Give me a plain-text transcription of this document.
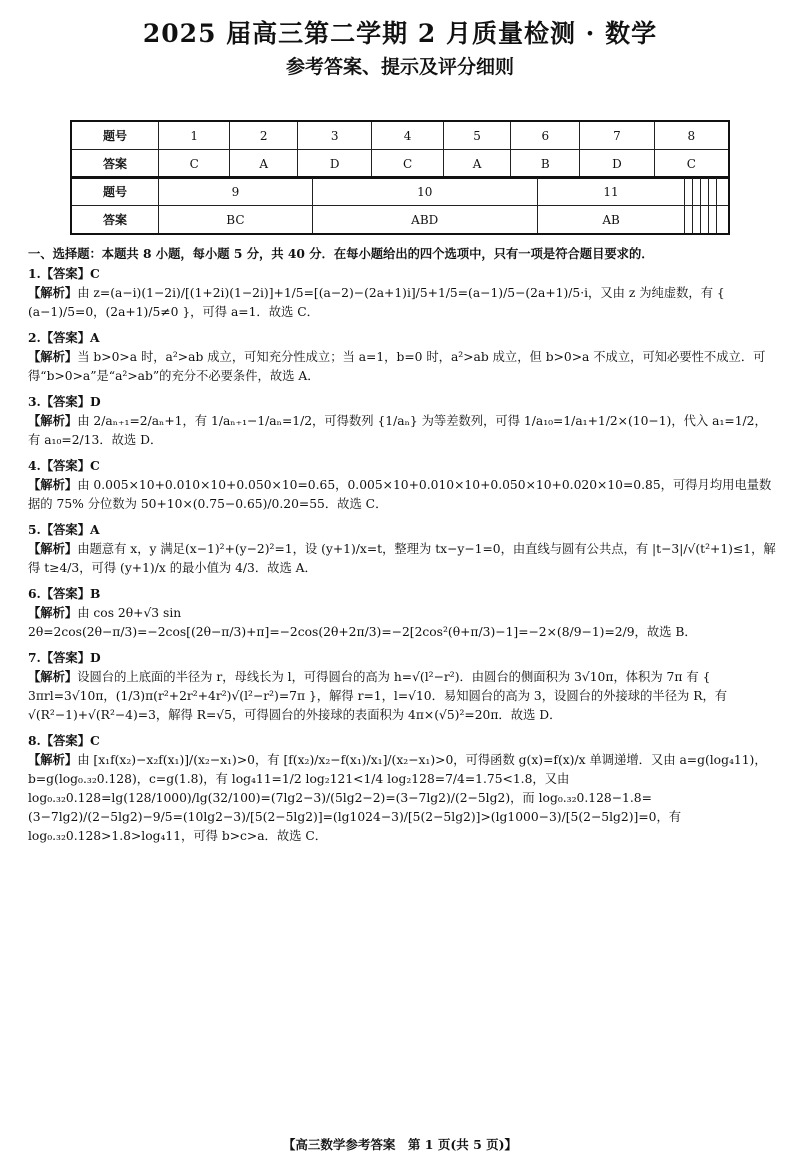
2025 届高三第二学期 2 月质量检测 · 数学
参考答案、提示及评分细则
题号	1	2	3	4	5	6	7	8
答案	C	A	D	C	A	B	D	C
题号	9	10	11					
答案	BC	ABD	AB					
一、选择题：本题共 8 小题，每小题 5 分，共 40 分．在每小题给出的四个选项中，只有一项是符合题目要求的．

1.【答案】C

【解析】由 z=(a−i)(1−2i)/[(1+2i)(1−2i)]+1/5=[(a−2)−(2a+1)i]/5+1/5=(a−1)/5−(2a+1)/5·i，又由 z 为纯虚数，有 { (a−1)/5=0，(2a+1)/5≠0 }，可得 a=1．故选 C．

2.【答案】A

【解析】当 b>0>a 时，a²>ab 成立，可知充分性成立；当 a=1，b=0 时，a²>ab 成立，但 b>0>a 不成立，可知必要性不成立．可得“b>0>a”是“a²>ab”的充分不必要条件，故选 A．

3.【答案】D

【解析】由 2/aₙ₊₁=2/aₙ+1，有 1/aₙ₊₁−1/aₙ=1/2，可得数列 {1/aₙ} 为等差数列，可得 1/a₁₀=1/a₁+1/2×(10−1)，代入 a₁=1/2，有 a₁₀=2/13．故选 D．

4.【答案】C

【解析】由 0.005×10+0.010×10+0.050×10=0.65，0.005×10+0.010×10+0.050×10+0.020×10=0.85，可得月均用电量数据的 75% 分位数为 50+10×(0.75−0.65)/0.20=55．故选 C．

5.【答案】A

【解析】由题意有 x，y 满足(x−1)²+(y−2)²=1，设 (y+1)/x=t，整理为 tx−y−1=0，由直线与圆有公共点，有 |t−3|/√(t²+1)≤1，解得 t≥4/3，可得 (y+1)/x 的最小值为 4/3．故选 A．

6.【答案】B

【解析】由 cos 2θ+√3 sin 2θ=2cos(2θ−π/3)=−2cos[(2θ−π/3)+π]=−2cos(2θ+2π/3)=−2[2cos²(θ+π/3)−1]=−2×(8/9−1)=2/9，故选 B．

7.【答案】D

【解析】设圆台的上底面的半径为 r，母线长为 l，可得圆台的高为 h=√(l²−r²)．由圆台的侧面积为 3√10π，体积为 7π 有 { 3πrl=3√10π，(1/3)π(r²+2r²+4r²)√(l²−r²)=7π }，解得 r=1，l=√10．易知圆台的高为 3，设圆台的外接球的半径为 R，有 √(R²−1)+√(R²−4)=3，解得 R=√5，可得圆台的外接球的表面积为 4π×(√5)²=20π．故选 D．

8.【答案】C

【解析】由 [x₁f(x₂)−x₂f(x₁)]/(x₂−x₁)>0，有 [f(x₂)/x₂−f(x₁)/x₁]/(x₂−x₁)>0，可得函数 g(x)=f(x)/x 单调递增．又由 a=g(log₄11)，b=g(log₀.₃₂0.128)，c=g(1.8)，有 log₄11=1/2 log₂121<1/4 log₂128=7/4=1.75<1.8，又由 log₀.₃₂0.128=lg(128/1000)/lg(32/100)=(7lg2−3)/(5lg2−2)=(3−7lg2)/(2−5lg2)，而 log₀.₃₂0.128−1.8=(3−7lg2)/(2−5lg2)−9/5=(10lg2−3)/[5(2−5lg2)]=(lg1024−3)/[5(2−5lg2)]>(lg1000−3)/[5(2−5lg2)]=0，有 log₀.₃₂0.128>1.8>log₄11，可得 b>c>a．故选 C．

【高三数学参考答案　第 1 页(共 5 页)】
